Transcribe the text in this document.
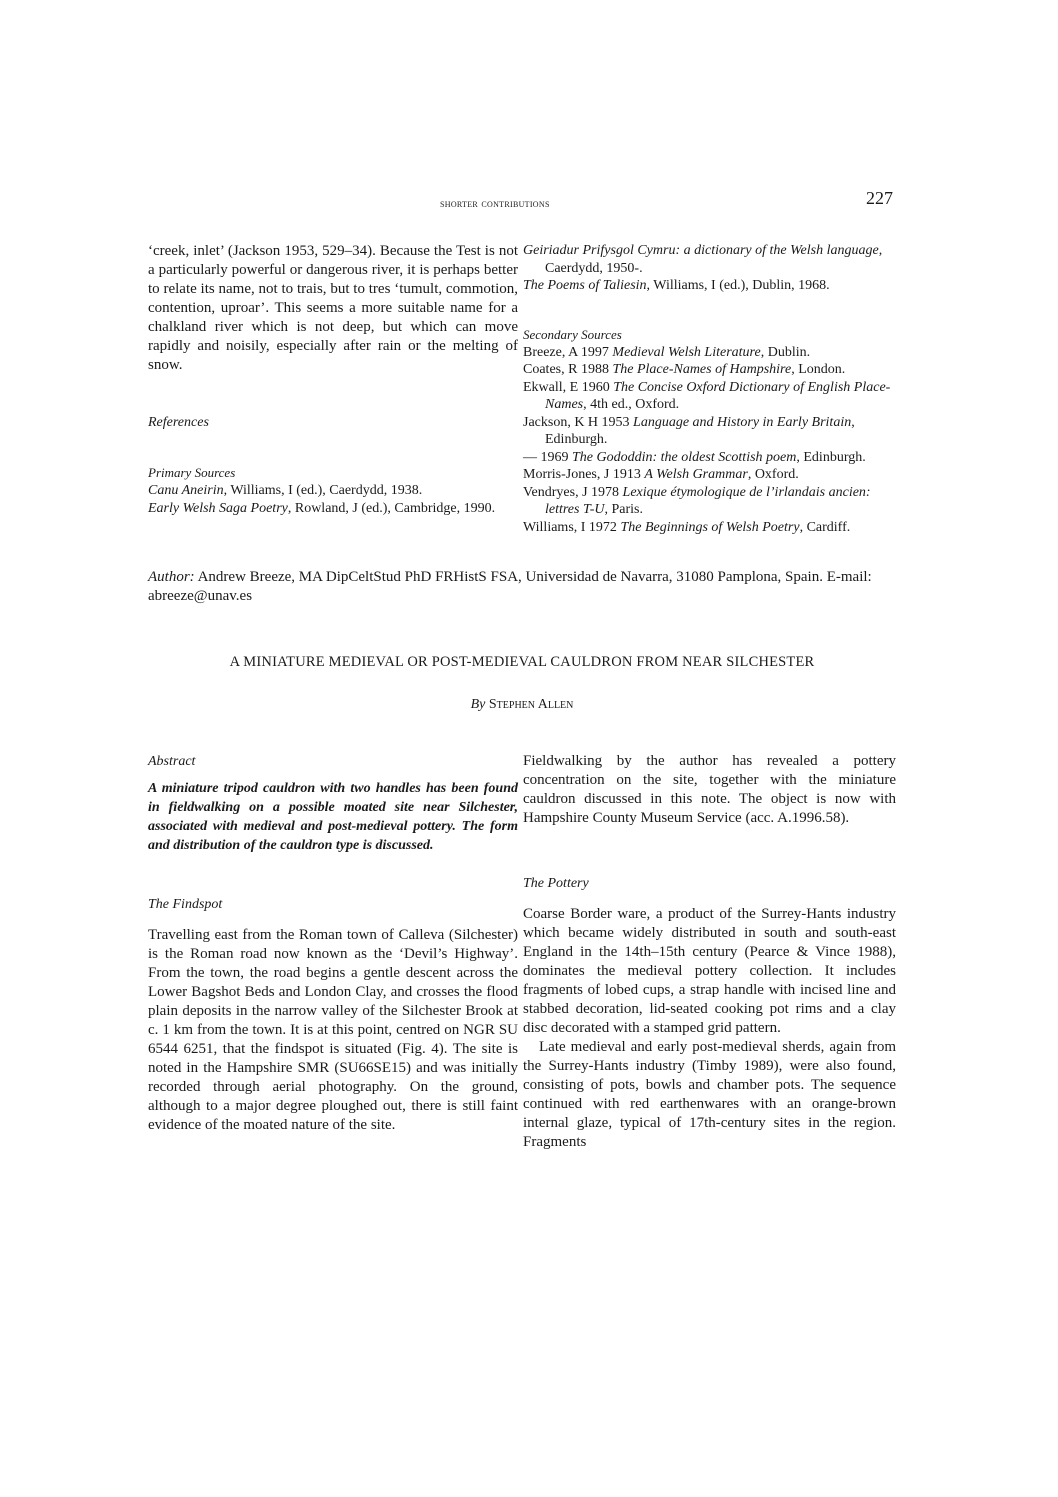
shorter contributions	227

‘creek, inlet’ (Jackson 1953, 529–34). Because the Test is not a particularly powerful or dangerous river, it is perhaps better to relate its name, not to trais, but to tres ‘tumult, commotion, contention, uproar’. This seems a more suitable name for a chalkland river which is not deep, but which can move rapidly and noisily, especially after rain or the melting of snow.

References

Primary Sources

Canu Aneirin, Williams, I (ed.), Caerdydd, 1938.

Early Welsh Saga Poetry, Rowland, J (ed.), Cambridge, 1990.

Geiriadur Prifysgol Cymru: a dictionary of the Welsh language, Caerdydd, 1950-.

The Poems of Taliesin, Williams, I (ed.), Dublin, 1968.

Secondary Sources

Breeze, A 1997 Medieval Welsh Literature, Dublin.

Coates, R 1988 The Place-Names of Hampshire, London.

Ekwall, E 1960 The Concise Oxford Dictionary of English Place-Names, 4th ed., Oxford.

Jackson, K H 1953 Language and History in Early Britain, Edinburgh.

— 1969 The Gododdin: the oldest Scottish poem, Edinburgh.

Morris-Jones, J 1913 A Welsh Grammar, Oxford.

Vendryes, J 1978 Lexique étymologique de l’irlandais ancien: lettres T-U, Paris.

Williams, I 1972 The Beginnings of Welsh Poetry, Cardiff.

Author: Andrew Breeze, MA DipCeltStud PhD FRHistS FSA, Universidad de Navarra, 31080 Pamplona, Spain. E-mail: abreeze@unav.es
A MINIATURE MEDIEVAL OR POST-MEDIEVAL CAULDRON FROM NEAR SILCHESTER
By Stephen Allen

Abstract

A miniature tripod cauldron with two handles has been found in fieldwalking on a possible moated site near Silchester, associated with medieval and post-medieval pottery. The form and distribution of the cauldron type is discussed.

The Findspot

Travelling east from the Roman town of Calleva (Silchester) is the Roman road now known as the ‘Devil’s Highway’. From the town, the road begins a gentle descent across the Lower Bagshot Beds and London Clay, and crosses the flood plain deposits in the narrow valley of the Silchester Brook at c. 1 km from the town. It is at this point, centred on NGR SU 6544 6251, that the findspot is situated (Fig. 4). The site is noted in the Hampshire SMR (SU66SE15) and was initially recorded through aerial photography. On the ground, although to a major degree ploughed out, there is still faint evidence of the moated nature of the site.

Fieldwalking by the author has revealed a pottery concentration on the site, together with the miniature cauldron discussed in this note. The object is now with Hampshire County Museum Service (acc. A.1996.58).

The Pottery

Coarse Border ware, a product of the Surrey-Hants industry which became widely distributed in south and south-east England in the 14th–15th century (Pearce & Vince 1988), dominates the medieval pottery collection. It includes fragments of lobed cups, a strap handle with incised line and stabbed decoration, lid-seated cooking pot rims and a clay disc decorated with a stamped grid pattern.

Late medieval and early post-medieval sherds, again from the Surrey-Hants industry (Timby 1989), were also found, consisting of pots, bowls and chamber pots. The sequence continued with red earthenwares with an orange-brown internal glaze, typical of 17th-century sites in the region. Fragments
